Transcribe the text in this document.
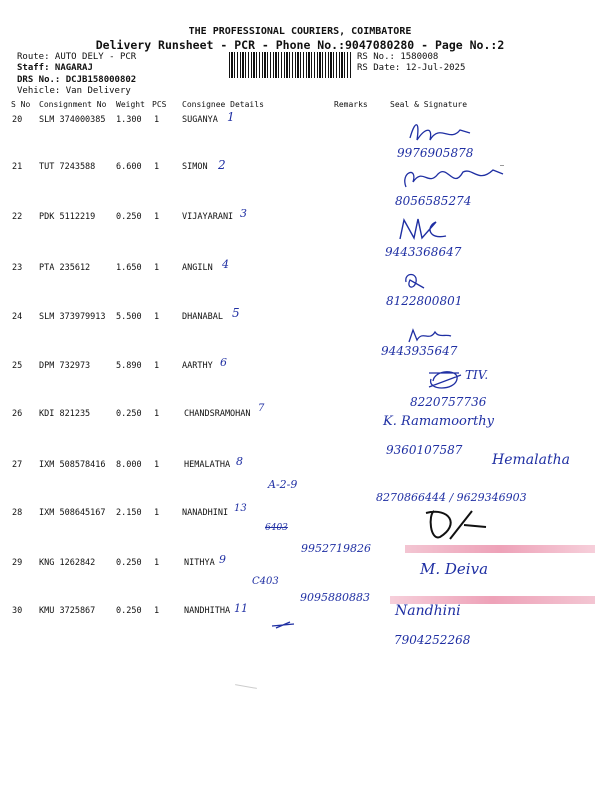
THE PROFESSIONAL COURIERS, COIMBATORE
Delivery Runsheet - PCR - Phone No.:9047080280 - Page No.:2
Route: AUTO DELY - PCR
Staff: NAGARAJ
DRS No.: DCJB158000802
Vehicle: Van Delivery
RS No.: 1580008
RS Date: 12-Jul-2025
S No Consignment No Weight PCS Consignee Details	Remarks	Seal & Signature
20 SLM 374000385 1.300 1	SUGANYA 1
9976905878
21 TUT 7243588 6.600 1	SIMON 2
8056585274
22 PDK 5112219 0.250 1	VIJAYARANI 3
9443368647
23 PTA 235612	1.650 1	ANGILN 4
8122800801
24 SLM 373979913 5.500 1	DHANABAL 5
9443935647
25 DPM 732973	5.890 1	AARTHY 6
TIV.
8220757736
26 KDI 821235	0.250 1	CHANDSRAMOHAN 7
K. Ramamoorthy
9360107587
27 IXM 508578416 8.000 1	HEMALATHA 8	Hemalatha
A-2-9
8270866444 / 9629346903
28 IXM 508645167 2.150 1	NANADHINI 13
6403
9952719826
29 KNG 1262842 0.250 1	NITHYA 9
M. Deiva
C403
9095880883
30 KMU 3725867 0.250 1	NANDHITHA 11	Nandhini
7904252268
